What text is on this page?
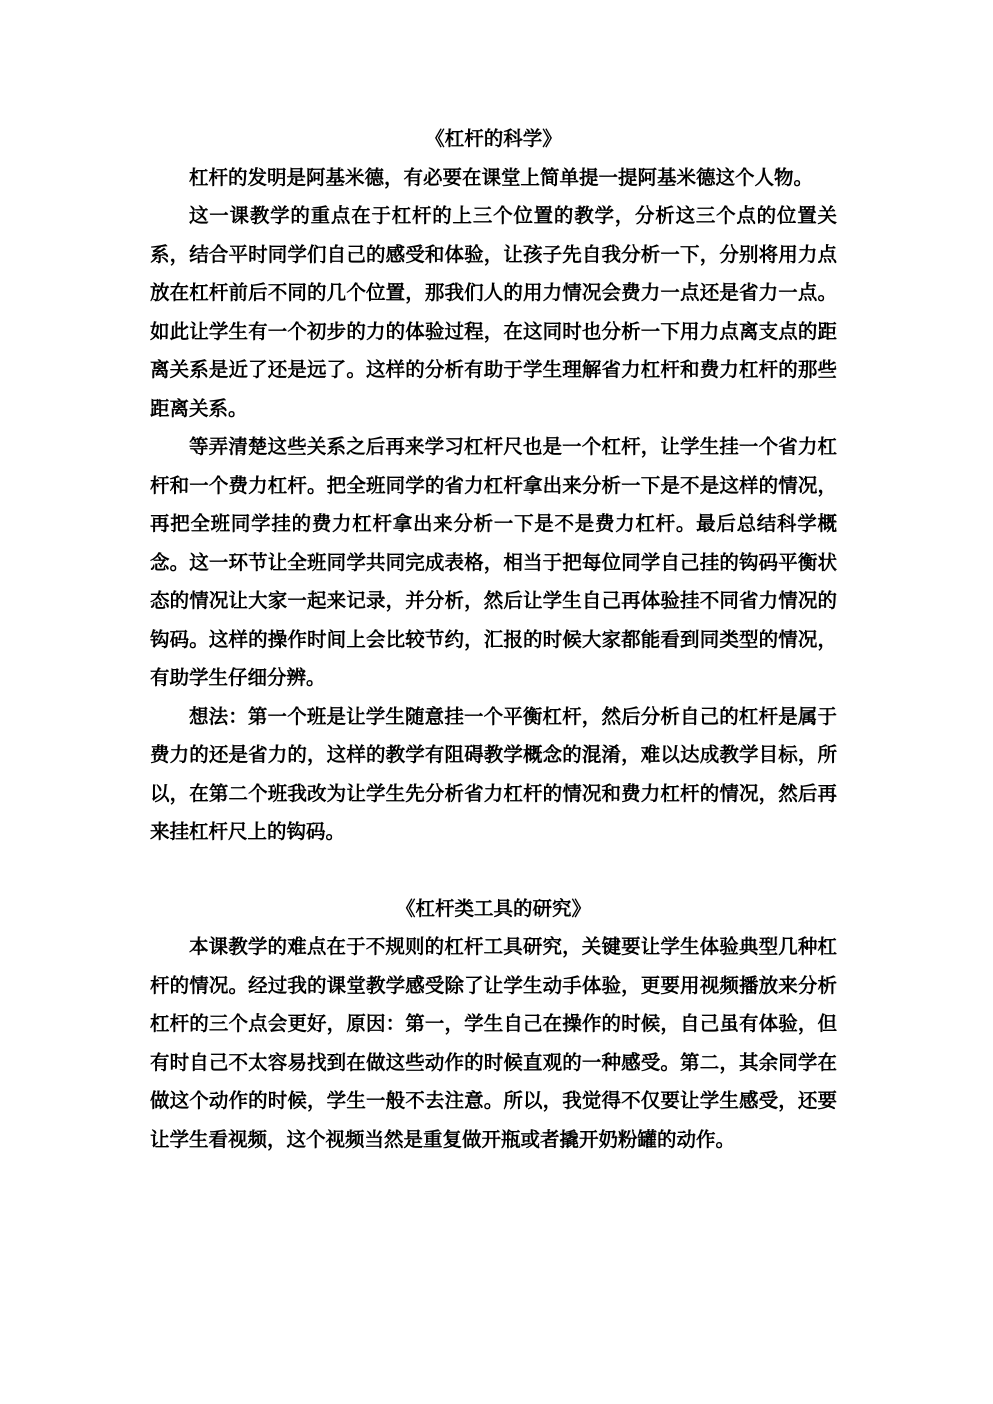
《杠杆的科学》

杠杆的发明是阿基米德，有必要在课堂上简单提一提阿基米德这个人物。

这一课教学的重点在于杠杆的上三个位置的教学，分析这三个点的位置关系，结合平时同学们自己的感受和体验，让孩子先自我分析一下，分别将用力点放在杠杆前后不同的几个位置，那我们人的用力情况会费力一点还是省力一点。如此让学生有一个初步的力的体验过程，在这同时也分析一下用力点离支点的距离关系是近了还是远了。这样的分析有助于学生理解省力杠杆和费力杠杆的那些距离关系。

等弄清楚这些关系之后再来学习杠杆尺也是一个杠杆，让学生挂一个省力杠杆和一个费力杠杆。把全班同学的省力杠杆拿出来分析一下是不是这样的情况，再把全班同学挂的费力杠杆拿出来分析一下是不是费力杠杆。最后总结科学概念。这一环节让全班同学共同完成表格，相当于把每位同学自己挂的钩码平衡状态的情况让大家一起来记录，并分析，然后让学生自己再体验挂不同省力情况的钩码。这样的操作时间上会比较节约，汇报的时候大家都能看到同类型的情况，有助学生仔细分辨。

想法：第一个班是让学生随意挂一个平衡杠杆，然后分析自己的杠杆是属于费力的还是省力的，这样的教学有阻碍教学概念的混淆，难以达成教学目标，所以，在第二个班我改为让学生先分析省力杠杆的情况和费力杠杆的情况，然后再来挂杠杆尺上的钩码。

《杠杆类工具的研究》

本课教学的难点在于不规则的杠杆工具研究，关键要让学生体验典型几种杠杆的情况。经过我的课堂教学感受除了让学生动手体验，更要用视频播放来分析杠杆的三个点会更好，原因：第一，学生自己在操作的时候，自己虽有体验，但有时自己不太容易找到在做这些动作的时候直观的一种感受。第二，其余同学在做这个动作的时候，学生一般不去注意。所以，我觉得不仅要让学生感受，还要让学生看视频，这个视频当然是重复做开瓶或者撬开奶粉罐的动作。
